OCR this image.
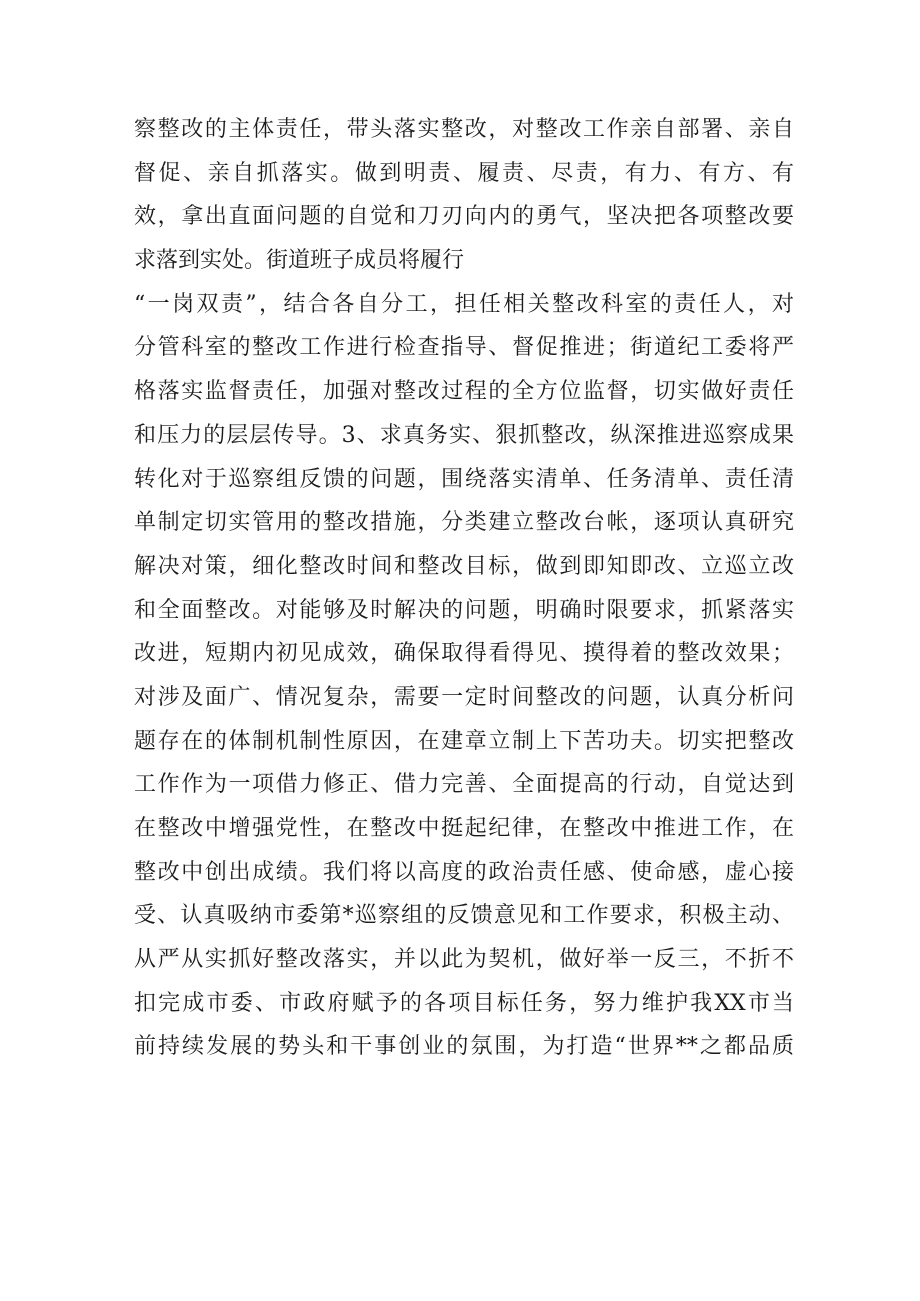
察整改的主体责任，带头落实整改，对整改工作亲自部署、亲自
督促、亲自抓落实。做到明责、履责、尽责，有力、有方、有
效，拿出直面问题的自觉和刀刃向内的勇气，坚决把各项整改要
求落到实处。街道班子成员将履行
“一岗双责”，结合各自分工，担任相关整改科室的责任人，对
分管科室的整改工作进行检查指导、督促推进；街道纪工委将严
格落实监督责任，加强对整改过程的全方位监督，切实做好责任
和压力的层层传导。3、求真务实、狠抓整改，纵深推进巡察成果
转化对于巡察组反馈的问题，围绕落实清单、任务清单、责任清
单制定切实管用的整改措施，分类建立整改台帐，逐项认真研究
解决对策，细化整改时间和整改目标，做到即知即改、立巡立改
和全面整改。对能够及时解决的问题，明确时限要求，抓紧落实
改进，短期内初见成效，确保取得看得见、摸得着的整改效果；
对涉及面广、情况复杂，需要一定时间整改的问题，认真分析问
题存在的体制机制性原因，在建章立制上下苦功夫。切实把整改
工作作为一项借力修正、借力完善、全面提高的行动，自觉达到
在整改中增强党性，在整改中挺起纪律，在整改中推进工作，在
整改中创出成绩。我们将以高度的政治责任感、使命感，虚心接
受、认真吸纳市委第*巡察组的反馈意见和工作要求，积极主动、
从严从实抓好整改落实，并以此为契机，做好举一反三，不折不
扣完成市委、市政府赋予的各项目标任务，努力维护我XX市当
前持续发展的势头和干事创业的氛围，为打造“世界**之都品质
